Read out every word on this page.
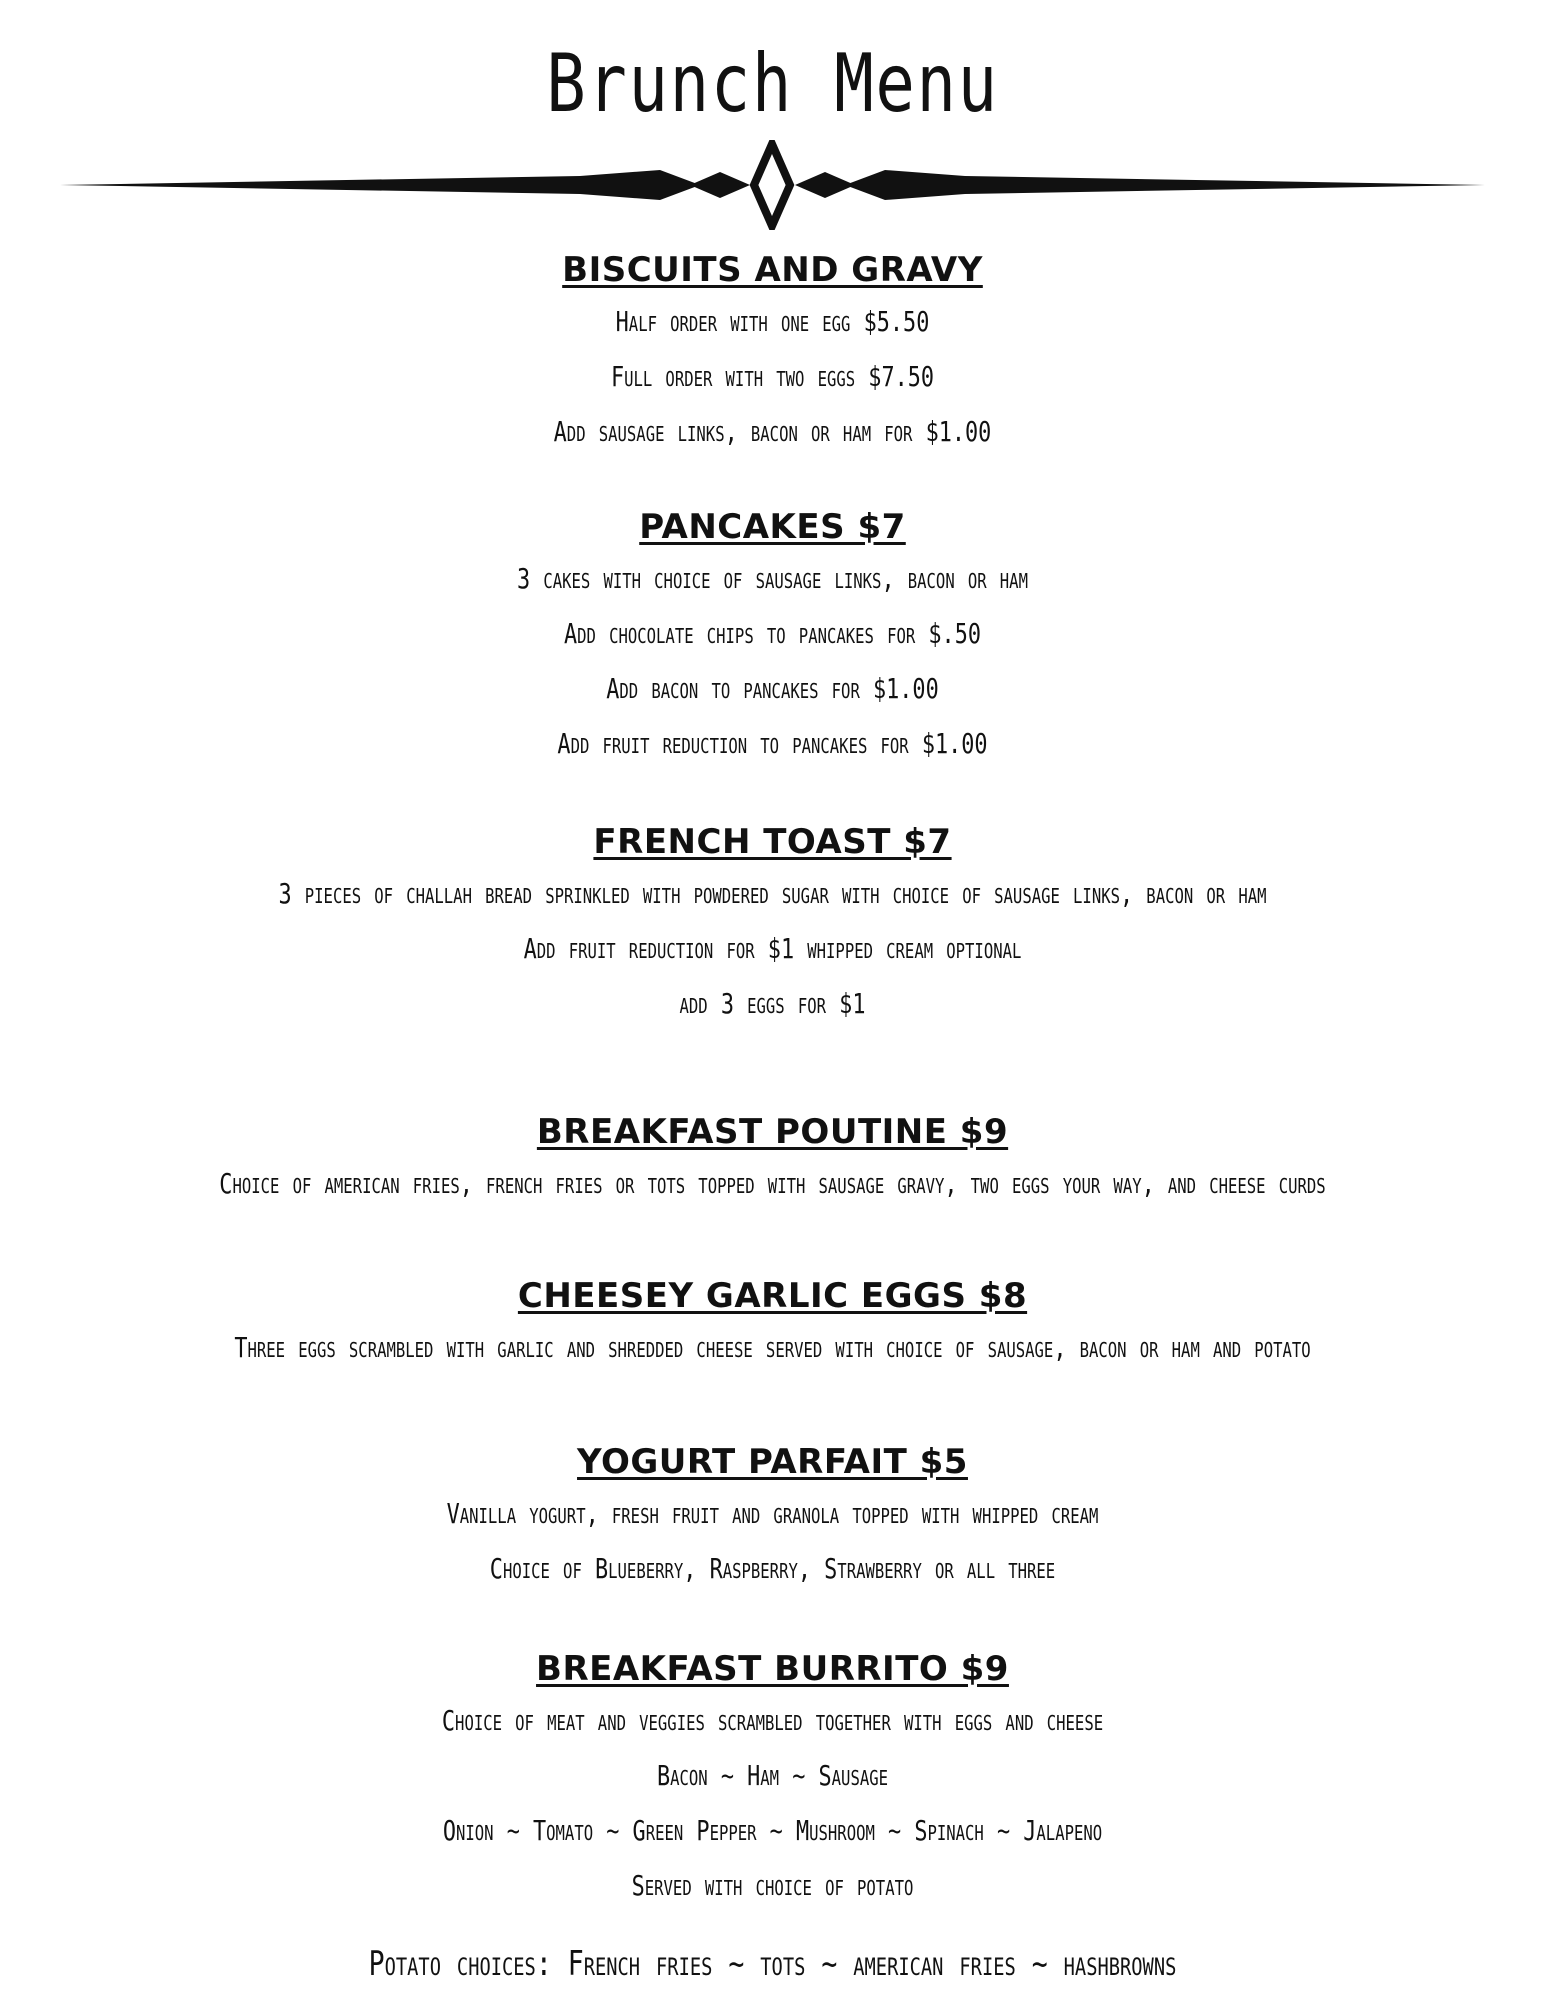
Brunch Menu
BISCUITS AND GRAVY
Half order with one egg $5.50
Full order with two eggs $7.50
Add sausage links, bacon or ham for $1.00
PANCAKES $7
3 cakes with choice of sausage links, bacon or ham
Add chocolate chips to pancakes for $.50
Add bacon to pancakes for $1.00
Add fruit reduction to pancakes for $1.00
FRENCH TOAST $7
3 pieces of challah bread sprinkled with powdered sugar with choice of sausage links, bacon or ham
Add fruit reduction for $1 whipped cream optional
add 3 eggs for $1
BREAKFAST POUTINE $9
Choice of american fries, french fries or tots topped with sausage gravy, two eggs your way, and cheese curds
CHEESEY GARLIC EGGS $8
Three eggs scrambled with garlic and shredded cheese served with choice of sausage, bacon or ham and potato
YOGURT PARFAIT $5
Vanilla yogurt, fresh fruit and granola topped with whipped cream
Choice of Blueberry, Raspberry, Strawberry or all three
BREAKFAST BURRITO $9
Choice of meat and veggies scrambled together with eggs and cheese
Bacon ~ Ham ~ Sausage
Onion ~ Tomato ~ Green Pepper ~ Mushroom ~ Spinach ~ Jalapeno
Served with choice of potato
Potato choices: French fries ~ tots ~ american fries ~ hashbrowns
